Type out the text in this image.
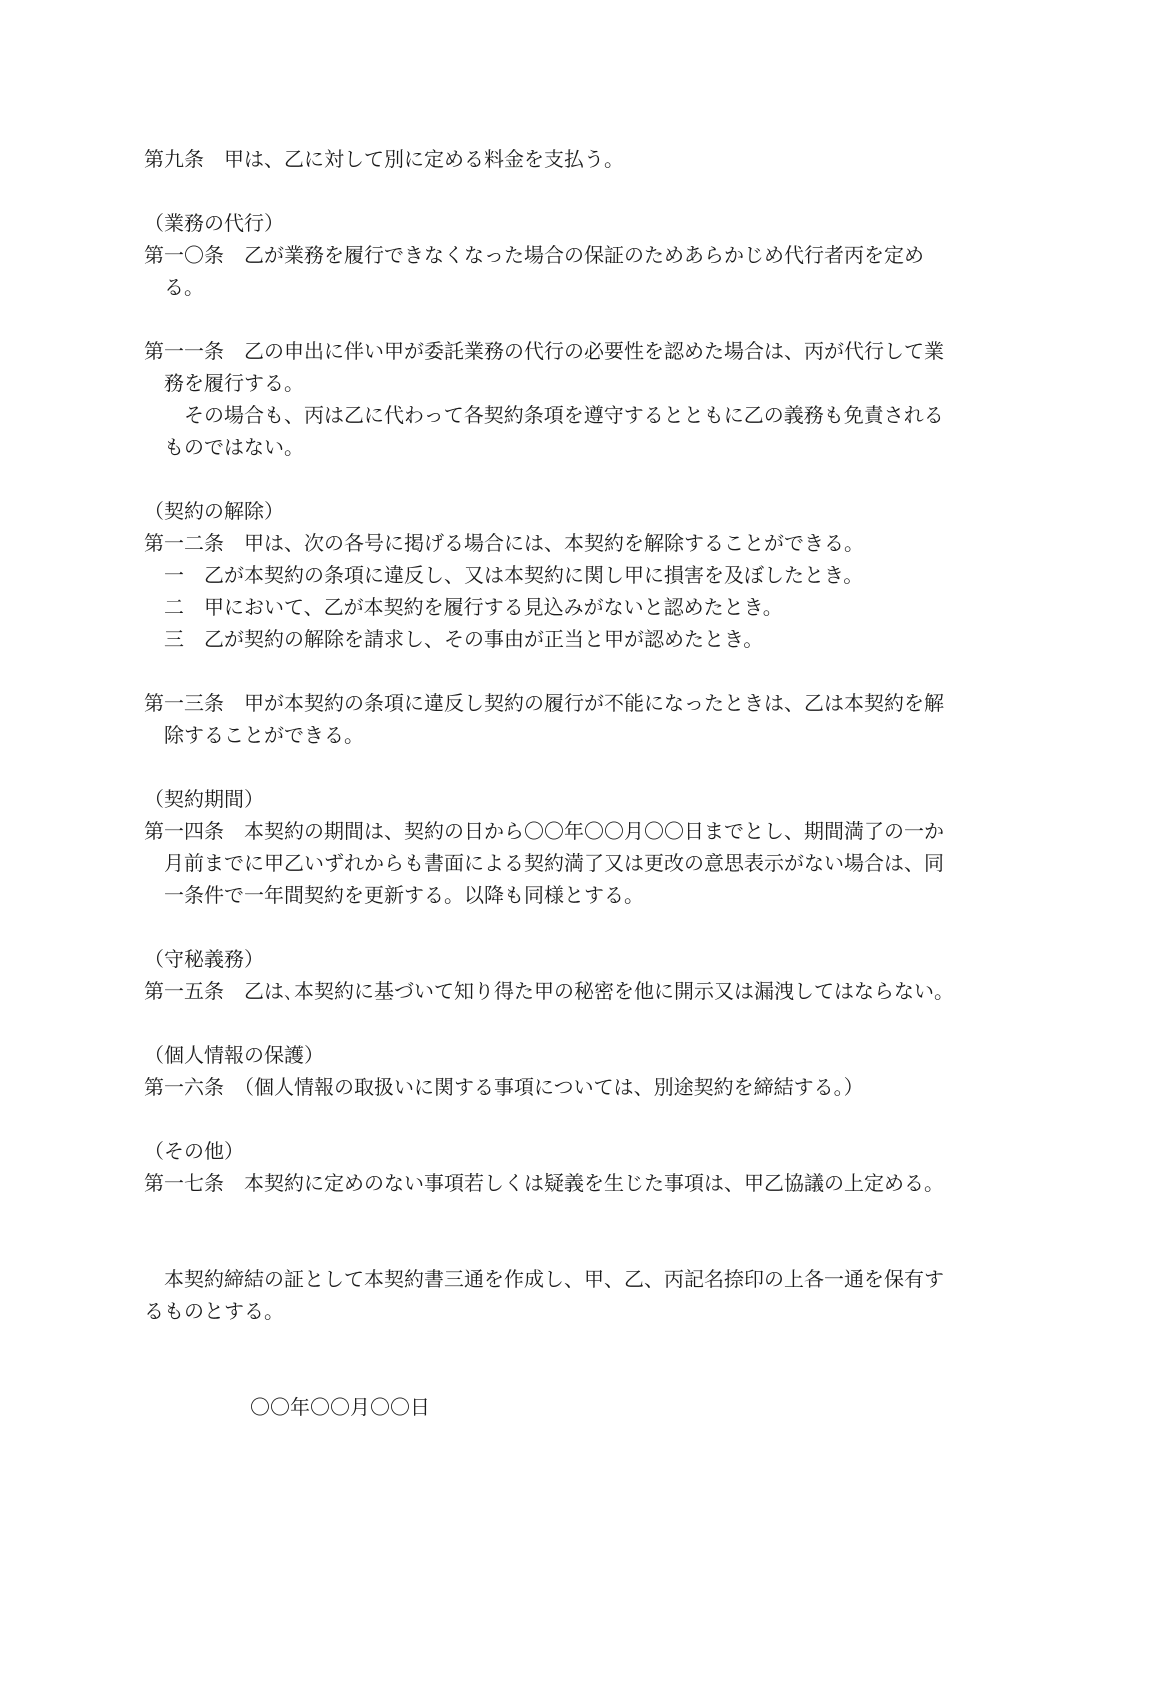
第九条　甲は、乙に対して別に定める料金を支払う。
（業務の代行）
第一〇条　乙が業務を履行できなくなった場合の保証のためあらかじめ代行者丙を定め
る。
第一一条　乙の申出に伴い甲が委託業務の代行の必要性を認めた場合は、丙が代行して業
務を履行する。
　その場合も、丙は乙に代わって各契約条項を遵守するとともに乙の義務も免責される
ものではない。
（契約の解除）
第一二条　甲は、次の各号に掲げる場合には、本契約を解除することができる。
一　乙が本契約の条項に違反し、又は本契約に関し甲に損害を及ぼしたとき。
二　甲において、乙が本契約を履行する見込みがないと認めたとき。
三　乙が契約の解除を請求し、その事由が正当と甲が認めたとき。
第一三条　甲が本契約の条項に違反し契約の履行が不能になったときは、乙は本契約を解
除することができる。
（契約期間）
第一四条　本契約の期間は、契約の日から〇〇年〇〇月〇〇日までとし、期間満了の一か
月前までに甲乙いずれからも書面による契約満了又は更改の意思表示がない場合は、同
一条件で一年間契約を更新する。以降も同様とする。
（守秘義務）
第一五条　乙は､本契約に基づいて知り得た甲の秘密を他に開示又は漏洩してはならない。
（個人情報の保護）
第一六条　（個人情報の取扱いに関する事項については、別途契約を締結する。）
（その他）
第一七条　本契約に定めのない事項若しくは疑義を生じた事項は、甲乙協議の上定める。
本契約締結の証として本契約書三通を作成し、甲、乙、丙記名捺印の上各一通を保有す
るものとする。
〇〇年〇〇月〇〇日
